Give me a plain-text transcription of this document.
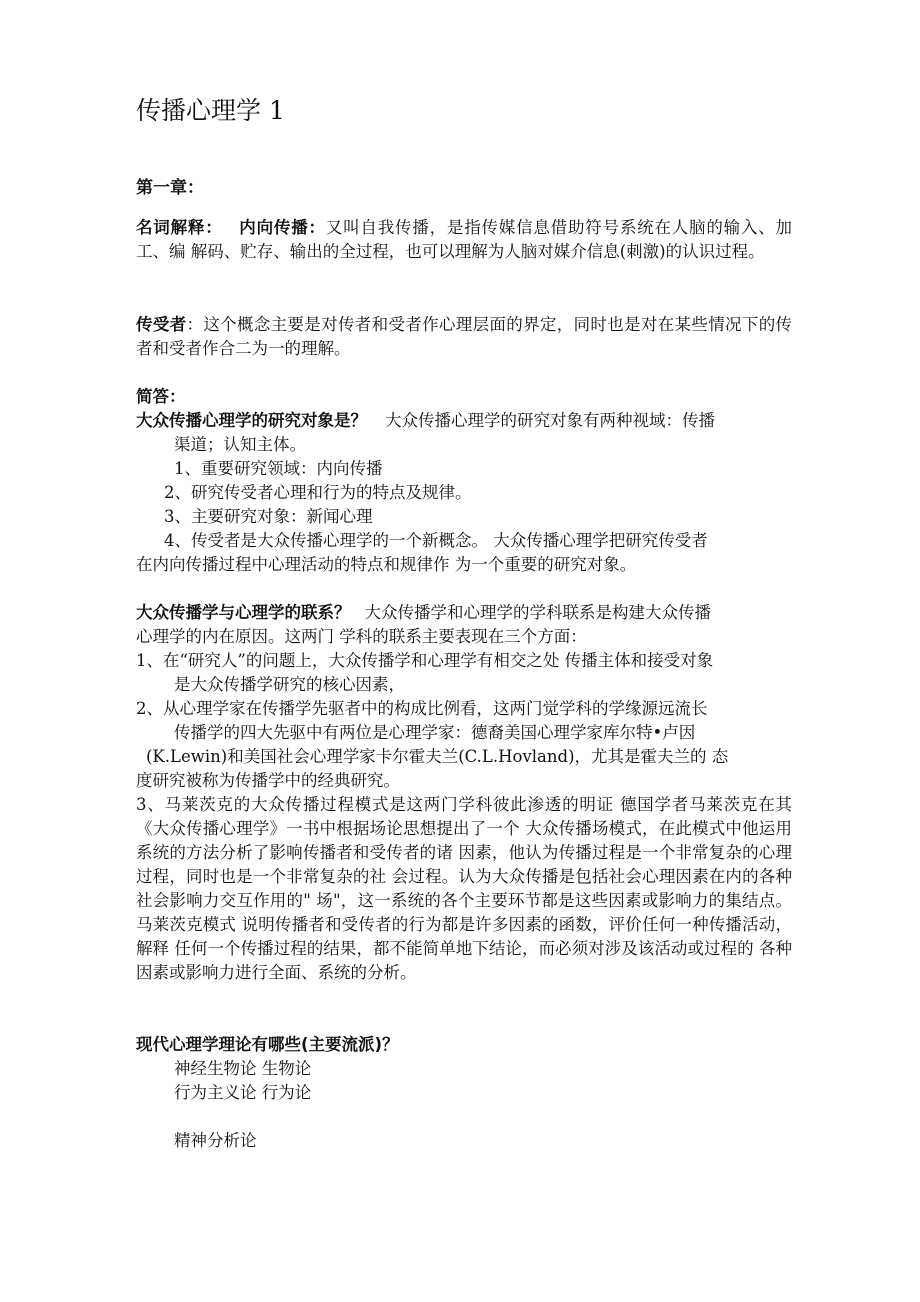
传播心理学 1
第一章：
名词解释： 内向传播：又叫自我传播，是指传媒信息借助符号系统在人脑的输入、加工、编 解码、贮存、输出的全过程，也可以理解为人脑对媒介信息(刺激)的认识过程。
传受者：这个概念主要是对传者和受者作心理层面的界定，同时也是对在某些情况下的传者和受者作合二为一的理解。
简答：
大众传播心理学的研究对象是？ 大众传播心理学的研究对象有两种视域：传播
渠道；认知主体。
1、重要研究领域：内向传播
2、研究传受者心理和行为的特点及规律。
3、主要研究对象：新闻心理
4、传受者是大众传播心理学的一个新概念。 大众传播心理学把研究传受者
在内向传播过程中心理活动的特点和规律作 为一个重要的研究对象。
大众传播学与心理学的联系？ 大众传播学和心理学的学科联系是构建大众传播
心理学的内在原因。这两门 学科的联系主要表现在三个方面：
1、在“研究人”的问题上，大众传播学和心理学有相交之处 传播主体和接受对象
是大众传播学研究的核心因素，
2、从心理学家在传播学先驱者中的构成比例看，这两门觉学科的学缘源远流长
传播学的四大先驱中有两位是心理学家：德裔美国心理学家库尔特•卢因
(K.Lewin)和美国社会心理学家卡尔霍夫兰(C.L.Hovland)，尤其是霍夫兰的 态
度研究被称为传播学中的经典研究。
3、马莱茨克的大众传播过程模式是这两门学科彼此渗透的明证 德国学者马莱茨克在其《大众传播心理学》一书中根据场论思想提出了一个 大众传播场模式，在此模式中他运用系统的方法分析了影响传播者和受传者的诸 因素，他认为传播过程是一个非常复杂的心理过程，同时也是一个非常复杂的社 会过程。认为大众传播是包括社会心理因素在内的各种社会影响力交互作用的" 场"，这一系统的各个主要环节都是这些因素或影响力的集结点。马莱茨克模式 说明传播者和受传者的行为都是许多因素的函数，评价任何一种传播活动，解释 任何一个传播过程的结果，都不能简单地下结论，而必须对涉及该活动或过程的 各种因素或影响力进行全面、系统的分析。
现代心理学理论有哪些(主要流派)？
神经生物论 生物论
行为主义论 行为论
精神分析论
